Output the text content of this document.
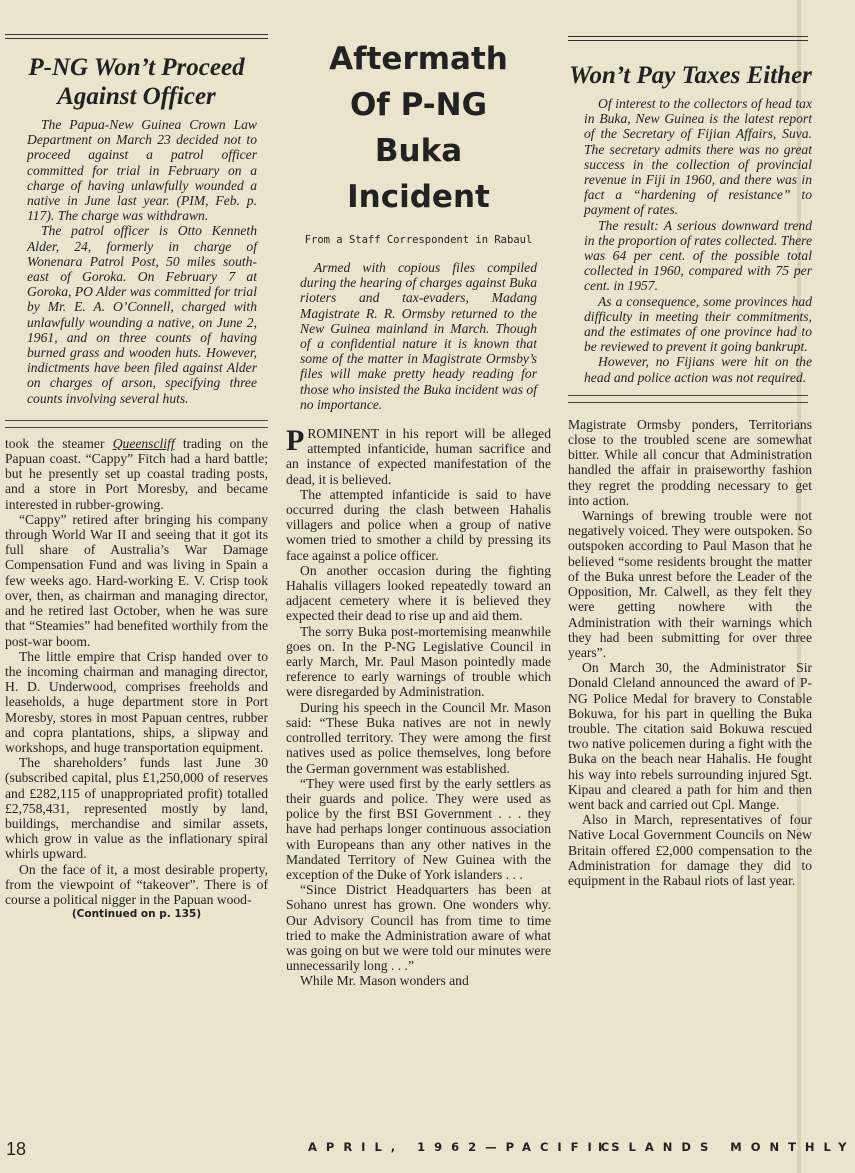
P-NG Won’t Proceed Against Officer

The Papua-New Guinea Crown Law Department on March 23 decided not to proceed against a patrol officer committed for trial in February on a charge of having unlawfully wounded a native in June last year. (PIM, Feb. p. 117). The charge was withdrawn.

The patrol officer is Otto Kenneth Alder, 24, formerly in charge of Wonenara Patrol Post, 50 miles south-east of Goroka. On February 7 at Goroka, PO Alder was committed for trial by Mr. E. A. O’Connell, charged with unlawfully wounding a native, on June 2, 1961, and on three counts of having burned grass and wooden huts. However, indictments have been filed against Alder on charges of arson, specifying three counts involving several huts.

took the steamer Queenscliff trading on the Papuan coast. “Cappy” Fitch had a hard battle; but he presently set up coastal trading posts, and a store in Port Moresby, and became interested in rubber-growing.

“Cappy” retired after bringing his company through World War II and seeing that it got its full share of Australia’s War Damage Compensation Fund and was living in Spain a few weeks ago. Hard-working E. V. Crisp took over, then, as chairman and managing director, and he retired last October, when he was sure that “Steamies” had benefited worthily from the post-war boom.

The little empire that Crisp handed over to the incoming chairman and managing director, H. D. Underwood, comprises freeholds and leaseholds, a huge department store in Port Moresby, stores in most Papuan centres, rubber and copra plantations, ships, a slipway and workshops, and huge transportation equipment.

The shareholders’ funds last June 30 (subscribed capital, plus £1,250,000 of reserves and £282,115 of unappropriated profit) totalled £2,758,431, represented mostly by land, buildings, merchandise and similar assets, which grow in value as the inflationary spiral whirls upward.

On the face of it, a most desirable property, from the viewpoint of “takeover”. There is of course a political nigger in the Papuan wood-

(Continued on p. 135)
Aftermath Of P-NG Buka Incident
From a Staff Correspondent in Rabaul

Armed with copious files compiled during the hearing of charges against Buka rioters and tax-evaders, Madang Magistrate R. R. Ormsby returned to the New Guinea mainland in March. Though of a confidential nature it is known that some of the matter in Magistrate Ormsby’s files will make pretty heady reading for those who insisted the Buka incident was of no importance.

PROMINENT in his report will be alleged attempted infanticide, human sacrifice and an instance of expected manifestation of the dead, it is believed.

The attempted infanticide is said to have occurred during the clash between Hahalis villagers and police when a group of native women tried to smother a child by pressing its face against a police officer.

On another occasion during the fighting Hahalis villagers looked repeatedly toward an adjacent cemetery where it is believed they expected their dead to rise up and aid them.

The sorry Buka post-mortemising meanwhile goes on. In the P-NG Legislative Council in early March, Mr. Paul Mason pointedly made reference to early warnings of trouble which were disregarded by Administration.

During his speech in the Council Mr. Mason said: “These Buka natives are not in newly controlled territory. They were among the first natives used as police themselves, long before the German government was established.

“They were used first by the early settlers as their guards and police. They were used as police by the first BSI Government . . . they have had perhaps longer continuous association with Europeans than any other natives in the Mandated Territory of New Guinea with the exception of the Duke of York islanders . . .

“Since District Headquarters has been at Sohano unrest has grown. One wonders why. Our Advisory Council has from time to time tried to make the Administration aware of what was going on but we were told our minutes were unnecessarily long . . .”

While Mr. Mason wonders and

Won’t Pay Taxes Either

Of interest to the collectors of head tax in Buka, New Guinea is the latest report of the Secretary of Fijian Affairs, Suva. The secretary admits there was no great success in the collection of provincial revenue in Fiji in 1960, and there was in fact a “hardening of resistance” to payment of rates.

The result: A serious downward trend in the proportion of rates collected. There was 64 per cent. of the possible total collected in 1960, compared with 75 per cent. in 1957.

As a consequence, some provinces had difficulty in meeting their commitments, and the estimates of one province had to be reviewed to prevent it going bankrupt.

However, no Fijians were hit on the head and police action was not required.

Magistrate Ormsby ponders, Territorians close to the troubled scene are somewhat bitter. While all concur that Administration handled the affair in praiseworthy fashion they regret the prodding necessary to get into action.

Warnings of brewing trouble were not negatively voiced. They were outspoken. So outspoken according to Paul Mason that he believed “some residents brought the matter of the Buka unrest before the Leader of the Opposition, Mr. Calwell, as they felt they were getting nowhere with the Administration with their warnings which they had been submitting for over three years”.

On March 30, the Administrator Sir Donald Cleland announced the award of P-NG Police Medal for bravery to Constable Bokuwa, for his part in quelling the Buka trouble. The citation said Bokuwa rescued two native policemen during a fight with the Buka on the beach near Hahalis. He fought his way into rebels surrounding injured Sgt. Kipau and cleared a path for him and then went back and carried out Cpl. Mange.

Also in March, representatives of four Native Local Government Councils on New Britain offered £2,000 compensation to the Administration for damage they did to equipment in the Rabaul riots of last year.

18	APRIL, 1962—PACIFIC
ISLANDS MONTHLY
